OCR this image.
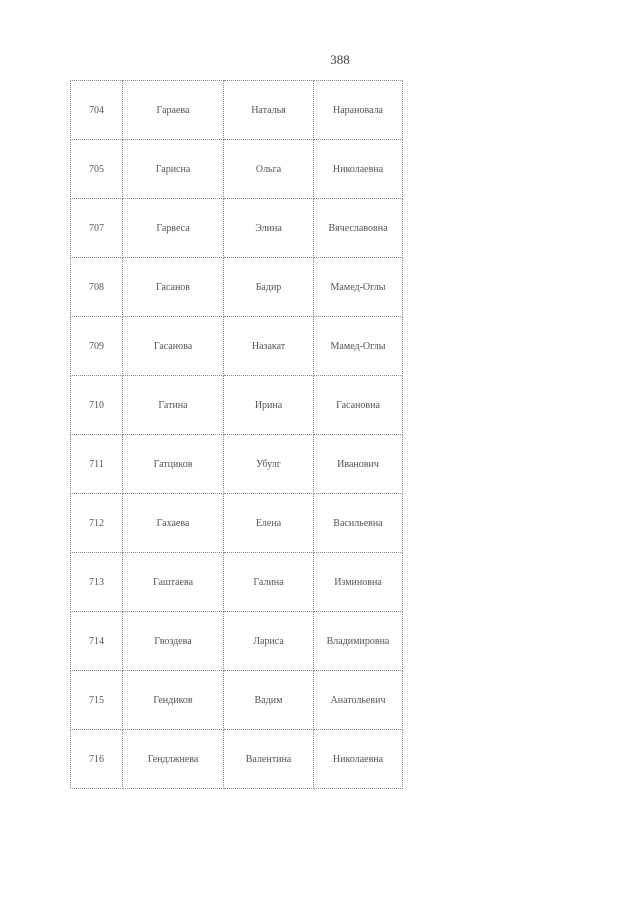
388
704	Гараева	Наталья	Нарановала
705	Гарисна	Ольга	Николаевна
707	Гарвеса	Элина	Вячеславовна
708	Гасанов	Бадир	Мамед-Оглы
709	Гасанова	Назакат	Мамед-Оглы
710	Гатина	Ирина	Гасановна
711	Гатциков	Убулг	Иванович
712	Гахаева	Елена	Васильевна
713	Гаштаева	Галина	Изминовна
714	Гвоздева	Лариса	Владимировна
715	Гендиков	Вадим	Анатольевич
716	Гендлжнева	Валентина	Николаевна
